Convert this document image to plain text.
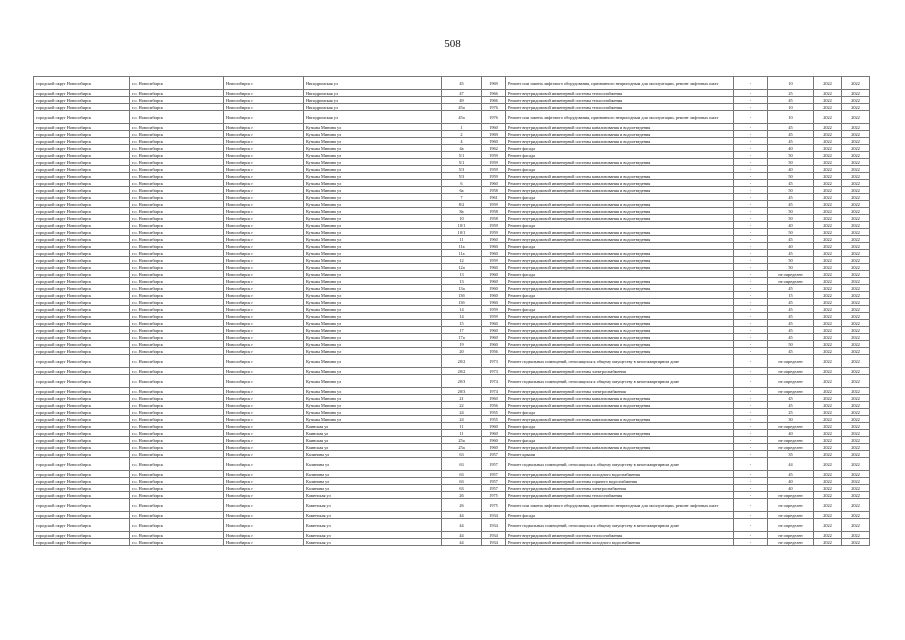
508
городской округ Новосибирск	г.о. Новосибирск	Новосибирск г	Ниподромская ул	45	1969	Ремонт или замена лифтового оборудования, признанного непригодным для эксплуатации, ремонт лифтовых шахт	-	10	2022	2022
городской округ Новосибирск	г.о. Новосибирск	Новосибирск г	Ниподромская ул	47	1966	Ремонт внутридомовой инженерной системы теплоснабжения	-	25	2022	2022
городской округ Новосибирск	г.о. Новосибирск	Новосибирск г	Ниподромская ул	49	1966	Ремонт внутридомовой инженерной системы теплоснабжения	-	45	2022	2022
городской округ Новосибирск	г.о. Новосибирск	Новосибирск г	Ниподромская ул	45а	1976	Ремонт внутридомовой инженерной системы теплоснабжения	-	10	2022	2022
городской округ Новосибирск	г.о. Новосибирск	Новосибирск г	Ниподромская ул	45а	1976	Ремонт или замена лифтового оборудования, признанного непригодным для эксплуатации, ремонт лифтовых шахт	-	10	2022	2022
городской округ Новосибирск	г.о. Новосибирск	Новосибирск г	Кузьмы Минина ул	1	1960	Ремонт внутридомовой инженерной системы канализования и водоотведения	-	45	2022	2022
городской округ Новосибирск	г.о. Новосибирск	Новосибирск г	Кузьмы Минина ул	2	1969	Ремонт внутридомовой инженерной системы канализования и водоотведения	-	45	2022	2022
городской округ Новосибирск	г.о. Новосибирск	Новосибирск г	Кузьмы Минина ул	4	1960	Ремонт внутридомовой инженерной системы канализования и водоотведения	-	45	2022	2022
городской округ Новосибирск	г.о. Новосибирск	Новосибирск г	Кузьмы Минина ул	4а	1962	Ремонт фасада	-	40	2022	2022
городской округ Новосибирск	г.о. Новосибирск	Новосибирск г	Кузьмы Минина ул	5/1	1959	Ремонт фасада	-	50	2022	2022
городской округ Новосибирск	г.о. Новосибирск	Новосибирск г	Кузьмы Минина ул	5/1	1959	Ремонт внутридомовой инженерной системы канализования и водоотведения	-	50	2022	2022
городской округ Новосибирск	г.о. Новосибирск	Новосибирск г	Кузьмы Минина ул	5/3	1959	Ремонт фасада	-	40	2022	2022
городской округ Новосибирск	г.о. Новосибирск	Новосибирск г	Кузьмы Минина ул	5/3	1959	Ремонт внутридомовой инженерной системы канализования и водоотведения	-	50	2022	2022
городской округ Новосибирск	г.о. Новосибирск	Новосибирск г	Кузьмы Минина ул	6	1960	Ремонт внутридомовой инженерной системы канализования и водоотведения	-	45	2022	2022
городской округ Новосибирск	г.о. Новосибирск	Новосибирск г	Кузьмы Минина ул	6а	1958	Ремонт внутридомовой инженерной системы канализования и водоотведения	-	50	2022	2022
городской округ Новосибирск	г.о. Новосибирск	Новосибирск г	Кузьмы Минина ул	7	1961	Ремонт фасада	-	45	2022	2022
городской округ Новосибирск	г.о. Новосибирск	Новосибирск г	Кузьмы Минина ул	8/2	1959	Ремонт внутридомовой инженерной системы канализования и водоотведения	-	45	2022	2022
городской округ Новосибирск	г.о. Новосибирск	Новосибирск г	Кузьмы Минина ул	8а	1958	Ремонт внутридомовой инженерной системы канализования и водоотведения	-	50	2022	2022
городской округ Новосибирск	г.о. Новосибирск	Новосибирск г	Кузьмы Минина ул	10	1958	Ремонт внутридомовой инженерной системы канализования и водоотведения	-	50	2022	2022
городской округ Новосибирск	г.о. Новосибирск	Новосибирск г	Кузьмы Минина ул	10/1	1959	Ремонт фасада	-	40	2022	2022
городской округ Новосибирск	г.о. Новосибирск	Новосибирск г	Кузьмы Минина ул	10/1	1959	Ремонт внутридомовой инженерной системы канализования и водоотведения	-	50	2022	2022
городской округ Новосибирск	г.о. Новосибирск	Новосибирск г	Кузьмы Минина ул	11	1960	Ремонт внутридомовой инженерной системы канализования и водоотведения	-	45	2022	2022
городской округ Новосибирск	г.о. Новосибирск	Новосибирск г	Кузьмы Минина ул	11а	1960	Ремонт фасада	-	40	2022	2022
городской округ Новосибирск	г.о. Новосибирск	Новосибирск г	Кузьмы Минина ул	11а	1960	Ремонт внутридомовой инженерной системы канализования и водоотведения	-	45	2022	2022
городской округ Новосибирск	г.о. Новосибирск	Новосибирск г	Кузьмы Минина ул	12	1959	Ремонт внутридомовой инженерной системы канализования и водоотведения	-	50	2022	2022
городской округ Новосибирск	г.о. Новосибирск	Новосибирск г	Кузьмы Минина ул	12а	1960	Ремонт внутридомовой инженерной системы канализования и водоотведения	-	50	2022	2022
городской округ Новосибирск	г.о. Новосибирск	Новосибирск г	Кузьмы Минина ул	13	1960	Ремонт фасада	-	не определен	2022	2022
городской округ Новосибирск	г.о. Новосибирск	Новосибирск г	Кузьмы Минина ул	13	1960	Ремонт внутридомовой инженерной системы канализования и водоотведения	-	не определен	2022	2022
городской округ Новосибирск	г.о. Новосибирск	Новосибирск г	Кузьмы Минина ул	13а	1960	Ремонт внутридомовой инженерной системы канализования и водоотведения	-	45	2022	2022
городской округ Новосибирск	г.о. Новосибирск	Новосибирск г	Кузьмы Минина ул	13б	1960	Ремонт фасада	-	15	2022	2022
городской округ Новосибирск	г.о. Новосибирск	Новосибирск г	Кузьмы Минина ул	13б	1960	Ремонт внутридомовой инженерной системы канализования и водоотведения	-	45	2022	2022
городской округ Новосибирск	г.о. Новосибирск	Новосибирск г	Кузьмы Минина ул	14	1959	Ремонт фасада	-	45	2022	2022
городской округ Новосибирск	г.о. Новосибирск	Новосибирск г	Кузьмы Минина ул	14	1959	Ремонт внутридомовой инженерной системы канализования и водоотведения	-	45	2022	2022
городской округ Новосибирск	г.о. Новосибирск	Новосибирск г	Кузьмы Минина ул	15	1960	Ремонт внутридомовой инженерной системы канализования и водоотведения	-	45	2022	2022
городской округ Новосибирск	г.о. Новосибирск	Новосибирск г	Кузьмы Минина ул	17	1960	Ремонт внутридомовой инженерной системы канализования и водоотведения	-	45	2022	2022
городской округ Новосибирск	г.о. Новосибирск	Новосибирск г	Кузьмы Минина ул	17а	1960	Ремонт внутридомовой инженерной системы канализования и водоотведения	-	45	2022	2022
городской округ Новосибирск	г.о. Новосибирск	Новосибирск г	Кузьмы Минина ул	19	1960	Ремонт внутридомовой инженерной системы канализования и водоотведения	-	50	2022	2022
городской округ Новосибирск	г.о. Новосибирск	Новосибирск г	Кузьмы Минина ул	20	1956	Ремонт внутридомовой инженерной системы канализования и водоотведения	-	45	2022	2022
городской округ Новосибирск	г.о. Новосибирск	Новосибирск г	Кузьмы Минина ул	20/2	1973	Ремонт подвальных помещений, относящихся к общему имуществу в многоквартирном доме	-	не определен	2022	2022
городской округ Новосибирск	г.о. Новосибирск	Новосибирск г	Кузьмы Минина ул	20/2	1973	Ремонт внутридомовой инженерной системы электроснабжения	-	не определен	2022	2022
городской округ Новосибирск	г.о. Новосибирск	Новосибирск г	Кузьмы Минина ул	20/3	1974	Ремонт подвальных помещений, относящихся к общему имуществу в многоквартирном доме	-	не определен	2022	2022
городской округ Новосибирск	г.о. Новосибирск	Новосибирск г	Кузьмы Минина ул	20/3	1974	Ремонт внутридомовой инженерной системы электроснабжения	-	не определен	2022	2022
городской округ Новосибирск	г.о. Новосибирск	Новосибирск г	Кузьмы Минина ул	21	1960	Ремонт внутридомовой инженерной системы канализования и водоотведения	-	45	2022	2022
городской округ Новосибирск	г.о. Новосибирск	Новосибирск г	Кузьмы Минина ул	22	1956	Ремонт внутридомовой инженерной системы канализования и водоотведения	-	45	2022	2022
городской округ Новосибирск	г.о. Новосибирск	Новосибирск г	Кузьмы Минина ул	24	1955	Ремонт фасада	-	25	2022	2022
городской округ Новосибирск	г.о. Новосибирск	Новосибирск г	Кузьмы Минина ул	24	1955	Ремонт внутридомовой инженерной системы канализования и водоотведения	-	30	2022	2022
городской округ Новосибирск	г.о. Новосибирск	Новосибирск г	Каинская ул	11	1960	Ремонт фасада	-	не определен	2022	2022
городской округ Новосибирск	г.о. Новосибирск	Новосибирск г	Каинская ул	11	1960	Ремонт внутридомовой инженерной системы канализования и водоотведения	-	40	2022	2022
городской округ Новосибирск	г.о. Новосибирск	Новосибирск г	Каинская ул	25а	1960	Ремонт фасада	-	не определен	2022	2022
городской округ Новосибирск	г.о. Новосибирск	Новосибирск г	Каинская ул	25а	1960	Ремонт внутридомовой инженерной системы канализования и водоотведения	-	не определен	2022	2022
городской округ Новосибирск	г.о. Новосибирск	Новосибирск г	Калинина ул	63	1957	Ремонт крыши	-	35	2022	2022
городской округ Новосибирск	г.о. Новосибирск	Новосибирск г	Калинина ул	63	1957	Ремонт подвальных помещений, относящихся к общему имуществу в многоквартирном доме	-	44	2022	2022
городской округ Новосибирск	г.о. Новосибирск	Новосибирск г	Калинина ул	63	1957	Ремонт внутридомовой инженерной системы холодного водоснабжения	-	45	2022	2022
городской округ Новосибирск	г.о. Новосибирск	Новосибирск г	Калинина ул	63	1957	Ремонт внутридомовой инженерной системы горячего водоснабжения	-	40	2022	2022
городской округ Новосибирск	г.о. Новосибирск	Новосибирск г	Калинина ул	63	1957	Ремонт внутридомовой инженерной системы электроснабжения	-	40	2022	2022
городской округ Новосибирск	г.о. Новосибирск	Новосибирск г	Каменская ул	26	1975	Ремонт внутридомовой инженерной системы теплоснабжения	-	не определен	2022	2022
городской округ Новосибирск	г.о. Новосибирск	Новосибирск г	Каменская ул	26	1975	Ремонт или замена лифтового оборудования, признанного непригодным для эксплуатации, ремонт лифтовых шахт	-	не определен	2022	2022
городской округ Новосибирск	г.о. Новосибирск	Новосибирск г	Каменская ул	44	1934	Ремонт фасада	-	не определен	2022	2022
городской округ Новосибирск	г.о. Новосибирск	Новосибирск г	Каменская ул	44	1934	Ремонт подвальных помещений, относящихся к общему имуществу в многоквартирном доме	-	не определен	2022	2022
городской округ Новосибирск	г.о. Новосибирск	Новосибирск г	Каменская ул	44	1934	Ремонт внутридомовой инженерной системы теплоснабжения	-	не определен	2022	2022
городской округ Новосибирск	г.о. Новосибирск	Новосибирск г	Каменская ул	44	1934	Ремонт внутридомовой инженерной системы холодного водоснабжения	-	не определен	2022	2022
